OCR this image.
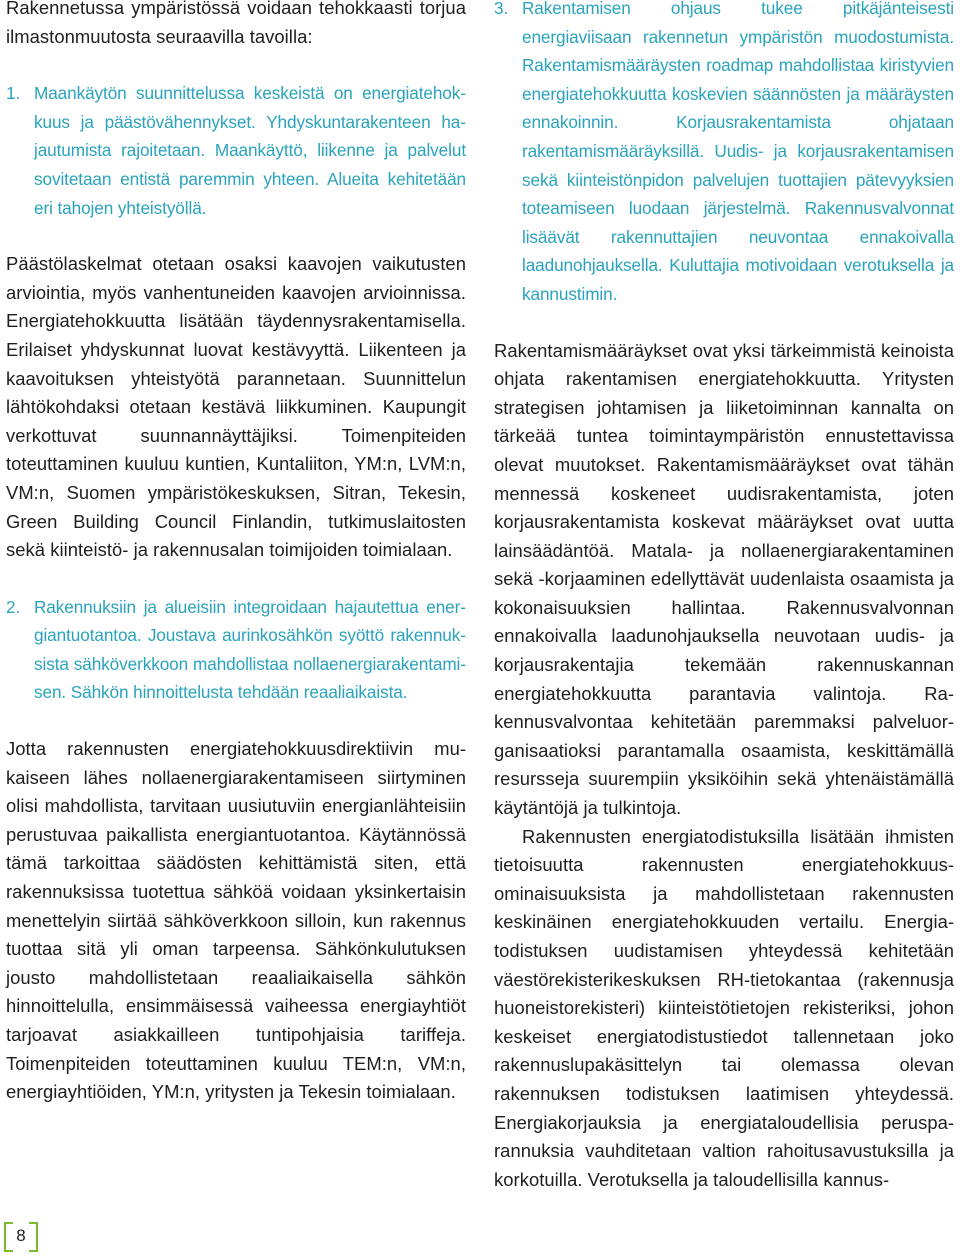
Rakennetussa ympäristössä voidaan tehokkaasti torjua ilmastonmuutosta seuraavilla tavoilla:

1. Maankäytön suunnittelussa keskeistä on energiatehokkuus ja päästövähennykset. Yhdyskuntarakenteen hajautumista rajoitetaan. Maankäyttö, liikenne ja palvelut sovitetaan entistä paremmin yhteen. Alueita kehitetään eri tahojen yhteistyöllä.

Päästölaskelmat otetaan osaksi kaavojen vaikutusten arviointia, myös vanhentuneiden kaavojen arvioinnissa. Energiatehokkuutta lisätään täydennysrakentamisella. Erilaiset yhdyskunnat luovat kestävyyttä. Liikenteen ja kaavoituksen yhteistyötä parannetaan. Suunnittelun lähtökohdaksi otetaan kestävä liikkuminen. Kaupungit verkottuvat suunnannäyttäjiksi. Toimenpiteiden toteuttaminen kuuluu kuntien, Kuntaliiton, YM:n, LVM:n, VM:n, Suomen ympäristökeskuksen, Sitran, Tekesin, Green Building Council Finlandin, tutkimuslaitosten sekä kiinteistö- ja rakennusalan toimijoiden toimialaan.

2. Rakennuksiin ja alueisiin integroidaan hajautettua energiantuotantoa. Joustava aurinkosähkön syöttö rakennuksista sähköverkkoon mahdollistaa nollaenergiarakentamisen. Sähkön hinnoittelusta tehdään reaaliaikaista.

Jotta rakennusten energiatehokkuusdirektiivin mukaiseen lähes nollaenergiarakentamiseen siirtyminen olisi mahdollista, tarvitaan uusiutuviin energianlähteisiin perustuvaa paikallista energiantuotantoa. Käytännössä tämä tarkoittaa säädösten kehittämistä siten, että rakennuksissa tuotettua sähköä voidaan yksinkertaisin menettelyin siirtää sähköverkkoon silloin, kun rakennus tuottaa sitä yli oman tarpeensa. Sähkönkulutuksen jousto mahdollistetaan reaaliaikaisella sähkön hinnoittelulla, ensimmäisessä vaiheessa energiayhtiöt tarjoavat asiakkailleen tuntipohjaisia tariffeja. Toimenpiteiden toteuttaminen kuuluu TEM:n, VM:n, energiayhtiöiden, YM:n, yritysten ja Tekesin toimialaan.

3. Rakentamisen ohjaus tukee pitkäjänteisesti energiaviisaan rakennetun ympäristön muodostumista. Rakentamismääräysten roadmap mahdollistaa kiristyvien energiatehokkuutta koskevien säännösten ja määräysten ennakoinnin. Korjausrakentamista ohjataan rakentamismääräyksillä. Uudis- ja korjausrakentamisen sekä kiinteistönpidon palvelujen tuottajien pätevyyksien toteamiseen luodaan järjestelmä. Rakennusvalvonnat lisäävät rakennuttajien neuvontaa ennakoivalla laadunohjauksella. Kuluttajia motivoidaan verotuksella ja kannustimin.

Rakentamismääräykset ovat yksi tärkeimmistä keinoista ohjata rakentamisen energiatehokkuutta. Yritysten strategisen johtamisen ja liiketoiminnan kannalta on tärkeää tuntea toimintaympäristön ennustettavissa olevat muutokset. Rakentamismääräykset ovat tähän mennessä koskeneet uudisrakentamista, joten korjausrakentamista koskevat määräykset ovat uutta lainsäädäntöä. Matala- ja nollaenergiarakentaminen sekä -korjaaminen edellyttävät uudenlaista osaamista ja kokonaisuuksien hallintaa. Rakennusvalvonnan ennakoivalla laadunohjauksella neuvotaan uudis- ja korjausrakentajia tekemään rakennuskannan energiatehokkuutta parantavia valintoja. Rakennusvalvontaa kehitetään paremmaksi palveluorganisaatioksi parantamalla osaamista, keskittämällä resursseja suurempiin yksiköihin sekä yhtenäistämällä käytäntöjä ja tulkintoja.

Rakennusten energiatodistuksilla lisätään ihmisten tietoisuutta rakennusten energiatehokkuusominaisuuksista ja mahdollistetaan rakennusten keskinäinen energiatehokkuuden vertailu. Energiatodistuksen uudistamisen yhteydessä kehitetään väestörekisterikeskuksen RH-tietokantaa (rakennusja huoneistorekisteri) kiinteistötietojen rekisteriksi, johon keskeiset energiatodistustiedot tallennetaan joko rakennuslupakäsittelyn tai olemassa olevan rakennuksen todistuksen laatimisen yhteydessä. Energiakorjauksia ja energiataloudellisia perusparannuksia vauhditetaan valtion rahoitusavustuksilla ja korkotuilla. Verotuksella ja taloudellisilla kannus-

8
